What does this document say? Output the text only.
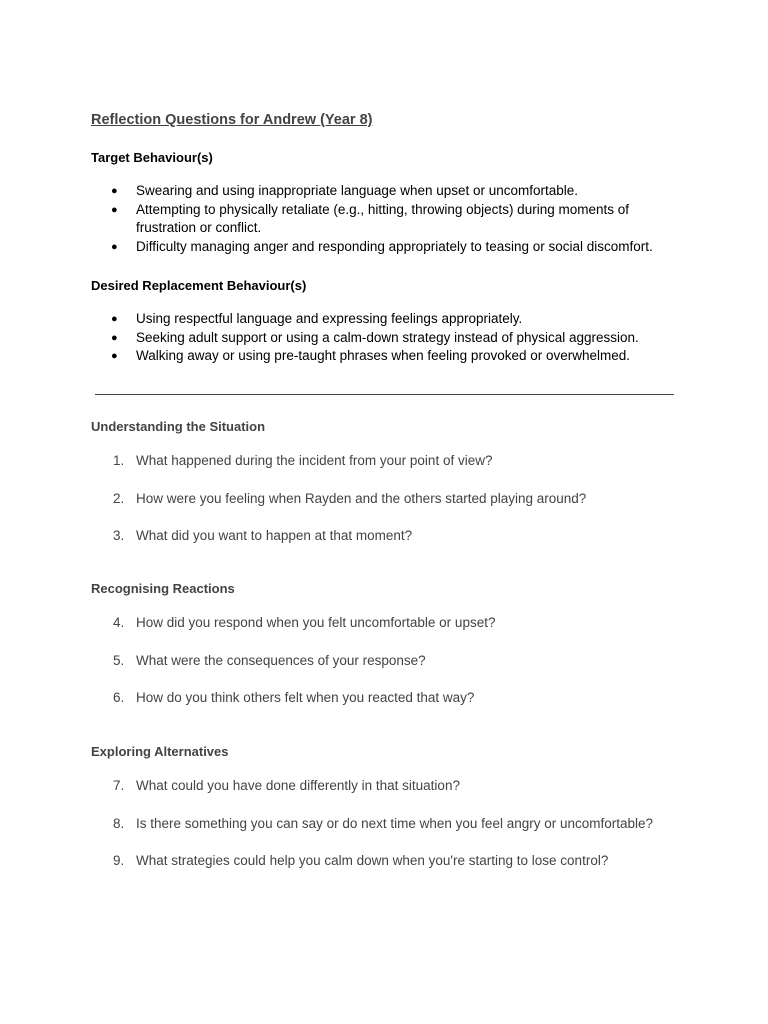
Reflection Questions for Andrew (Year 8)
Target Behaviour(s)
● Swearing and using inappropriate language when upset or uncomfortable.
● Attempting to physically retaliate (e.g., hitting, throwing objects) during moments of
frustration or conflict.
● Difficulty managing anger and responding appropriately to teasing or social discomfort.
Desired Replacement Behaviour(s)
● Using respectful language and expressing feelings appropriately.
● Seeking adult support or using a calm-down strategy instead of physical aggression.
● Walking away or using pre-taught phrases when feeling provoked or overwhelmed.
Understanding the Situation
1. What happened during the incident from your point of view?
2. How were you feeling when Rayden and the others started playing around?
3. What did you want to happen at that moment?
Recognising Reactions
4. How did you respond when you felt uncomfortable or upset?
5. What were the consequences of your response?
6. How do you think others felt when you reacted that way?
Exploring Alternatives
7. What could you have done differently in that situation?
8. Is there something you can say or do next time when you feel angry or uncomfortable?
9. What strategies could help you calm down when you're starting to lose control?
